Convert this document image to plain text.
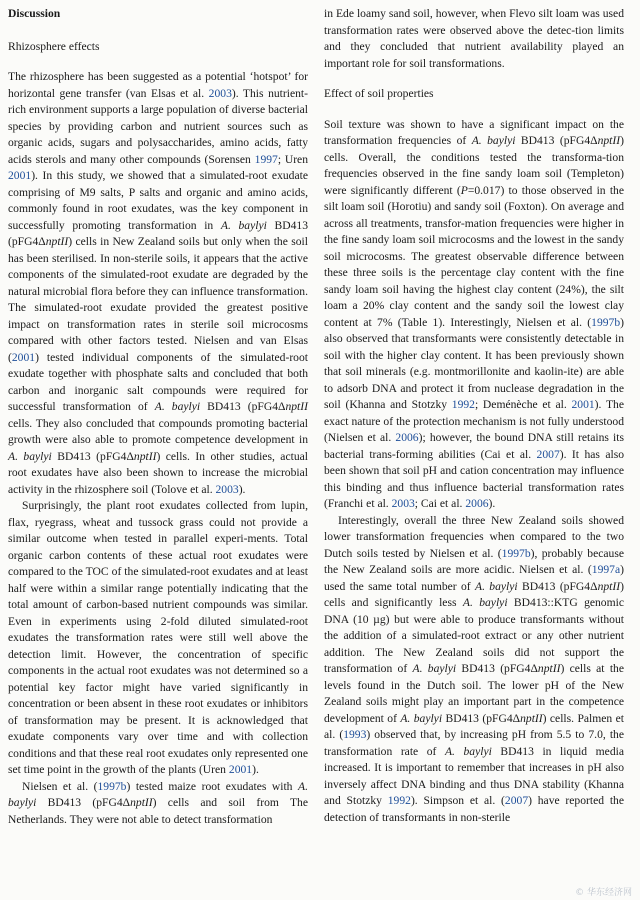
Discussion

Rhizosphere effects

The rhizosphere has been suggested as a potential ‘hotspot’ for horizontal gene transfer (van Elsas et al. 2003). This nutrient-rich environment supports a large population of diverse bacterial species by providing carbon and nutrient sources such as organic acids, sugars and polysaccharides, amino acids, fatty acids sterols and many other compounds (Sorensen 1997; Uren 2001). In this study, we showed that a simulated-root exudate comprising of M9 salts, P salts and organic and amino acids, commonly found in root exudates, was the key component in successfully promoting transformation in A. baylyi BD413 (pFG4ΔnptII) cells in New Zealand soils but only when the soil has been sterilised. In non-sterile soils, it appears that the active components of the simulated-root exudate are degraded by the natural microbial flora before they can influence transformation. The simulated-root exudate provided the greatest positive impact on transformation rates in sterile soil microcosms compared with other factors tested. Nielsen and van Elsas (2001) tested individual components of the simulated-root exudate together with phosphate salts and concluded that both carbon and inorganic salt compounds were required for successful transformation of A. baylyi BD413 (pFG4ΔnptII cells. They also concluded that compounds promoting bacterial growth were also able to promote competence development in A. baylyi BD413 (pFG4ΔnptII) cells. In other studies, actual root exudates have also been shown to increase the microbial activity in the rhizosphere soil (Tolove et al. 2003).

Surprisingly, the plant root exudates collected from lupin, flax, ryegrass, wheat and tussock grass could not provide a similar outcome when tested in parallel experi-ments. Total organic carbon contents of these actual root exudates were compared to the TOC of the simulated-root exudates and at least half were within a similar range potentially indicating that the total amount of carbon-based nutrient compounds was similar. Even in experiments using 2-fold diluted simulated-root exudates the transformation rates were still well above the detection limit. However, the concentration of specific components in the actual root exudates was not determined so a potential key factor might have varied significantly in concentration or been absent in these root exudates or inhibitors of transformation may be present. It is acknowledged that exudate components vary over time and with collection conditions and that these real root exudates only represented one set time point in the growth of the plants (Uren 2001).

Nielsen et al. (1997b) tested maize root exudates with A. baylyi BD413 (pFG4ΔnptII) cells and soil from The Netherlands. They were not able to detect transformation

in Ede loamy sand soil, however, when Flevo silt loam was used transformation rates were observed above the detec-tion limits and they concluded that nutrient availability played an important role for soil transformations.

Effect of soil properties

Soil texture was shown to have a significant impact on the transformation frequencies of A. baylyi BD413 (pFG4ΔnptII) cells. Overall, the conditions tested the transforma-tion frequencies observed in the fine sandy loam soil (Templeton) were significantly different (P=0.017) to those observed in the silt loam soil (Horotiu) and sandy soil (Foxton). On average and across all treatments, transfor-mation frequencies were higher in the fine sandy loam soil microcosms and the lowest in the sandy soil microcosms. The greatest observable difference between these three soils is the percentage clay content with the fine sandy loam soil having the highest clay content (24%), the silt loam a 20% clay content and the sandy soil the lowest clay content at 7% (Table 1). Interestingly, Nielsen et al. (1997b) also observed that transformants were consistently detectable in soil with the higher clay content. It has been previously shown that soil minerals (e.g. montmorillonite and kaolin-ite) are able to adsorb DNA and protect it from nuclease degradation in the soil (Khanna and Stotzky 1992; Deménèche et al. 2001). The exact nature of the protection mechanism is not fully understood (Nielsen et al. 2006); however, the bound DNA still retains its bacterial trans-forming abilities (Cai et al. 2007). It has also been shown that soil pH and cation concentration may influence this binding and thus influence bacterial transformation rates (Franchi et al. 2003; Cai et al. 2006).

Interestingly, overall the three New Zealand soils showed lower transformation frequencies when compared to the two Dutch soils tested by Nielsen et al. (1997b), probably because the New Zealand soils are more acidic. Nielsen et al. (1997a) used the same total number of A. baylyi BD413 (pFG4ΔnptII) cells and significantly less A. baylyi BD413::KTG genomic DNA (10 µg) but were able to produce transformants without the addition of a simulated-root extract or any other nutrient addition. The New Zealand soils did not support the transformation of A. baylyi BD413 (pFG4ΔnptII) cells at the levels found in the Dutch soil. The lower pH of the New Zealand soils might play an important part in the competence development of A. baylyi BD413 (pFG4ΔnptII) cells. Palmen et al. (1993) observed that, by increasing pH from 5.5 to 7.0, the transformation rate of A. baylyi BD413 in liquid media increased. It is important to remember that increases in pH also inversely affect DNA binding and thus DNA stability (Khanna and Stotzky 1992). Simpson et al. (2007) have reported the detection of transformants in non-sterile

© 华东经济网
